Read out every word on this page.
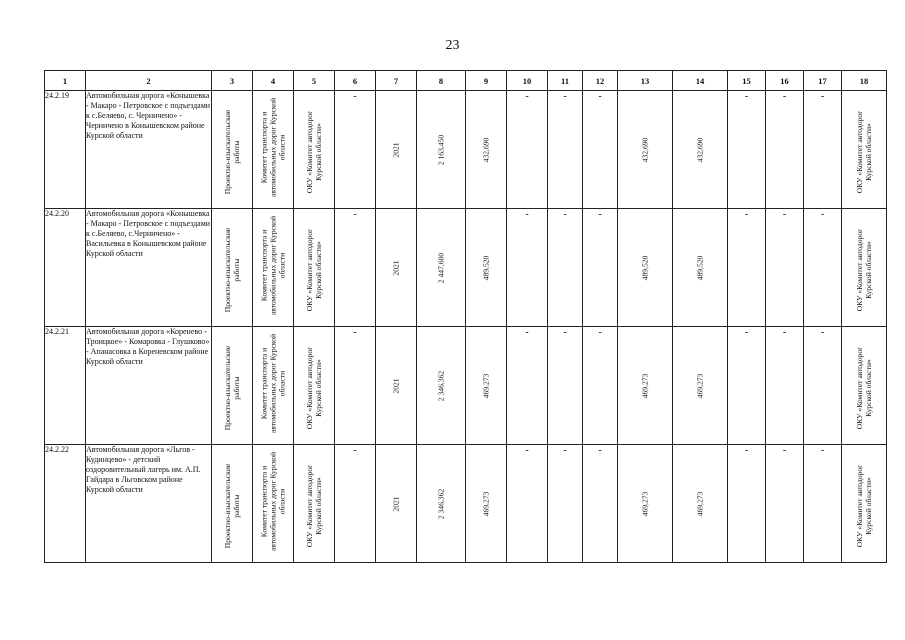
23
1	2	3	4	5	6	7	8	9	10	11	12	13	14	15	16	17	18
24.2.19	Автомобильная дорога «Конышевка - Макаро - Петровское с подъездами к с.Беляево, с. Черничено» - Черничено в Конышевском районе Курской области	Проектно-изыскательские работы	Комитет транспорта и автомобильных дорог Курской области	ОКУ «Комитет автодорог Курской области»	-	2021	2 163,450	432,690	-	-	-	432,690	432,690	-	-	-	ОКУ «Комитет автодорог Курской области»

24.2.20	Автомобильная дорога «Конышевка - Макаро - Петровское с подъездами к с.Беляево, с.Черничено» - Васильевка в Конышевском районе Курской области	Проектно-изыскательские работы	Комитет транспорта и автомобильных дорог Курской области	ОКУ «Комитет автодорог Курской области»	-	2021	2 447,600	489,520	-	-	-	489,520	489,520	-	-	-	ОКУ «Комитет автодорог Курской области»

24.2.21	Автомобильная дорога «Коренево - Троицкое» - Комаровка - Глушково» - Апанасовка в Кореневском районе Курской области	Проектно-изыскательские работы	Комитет транспорта и автомобильных дорог Курской области	ОКУ «Комитет автодорог Курской области»	-	2021	2 346,362	469,273	-	-	-	469,273	469,273	-	-	-	ОКУ «Комитет автодорог Курской области»

24.2.22	Автомобильная дорога «Льгов - Кудинцево» - детский оздоровительный лагерь им. А.П. Гайдара в Льговском районе Курской области	Проектно-изыскательские работы	Комитет транспорта и автомобильных дорог Курской области	ОКУ «Комитет автодорог Курской области»	-	2021	2 346,362	469,273	-	-	-	469,273	469,273	-	-	-	ОКУ «Комитет автодорог Курской области»
